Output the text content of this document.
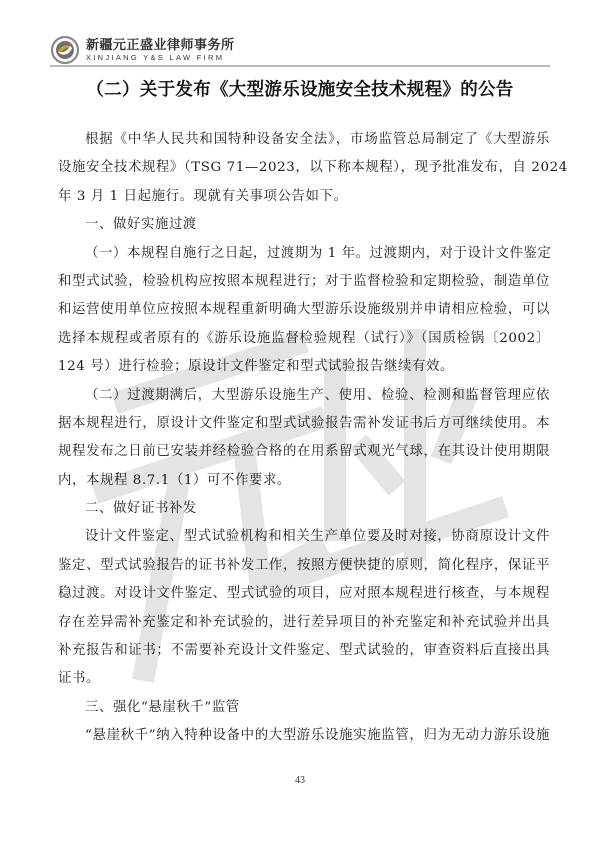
新疆元正盛业律师事务所
XINJIANG Y&S LAW FIRM
（二）关于发布《大型游乐设施安全技术规程》的公告
根据《中华人民共和国特种设备安全法》，市场监管总局制定了《大型游乐
设施安全技术规程》（TSG 71—2023，以下称本规程），现予批准发布，自 2024
年 3 月 1 日起施行。现就有关事项公告如下。
一、做好实施过渡
（一）本规程自施行之日起，过渡期为 1 年。过渡期内，对于设计文件鉴定
和型式试验，检验机构应按照本规程进行；对于监督检验和定期检验，制造单位
和运营使用单位应按照本规程重新明确大型游乐设施级别并申请相应检验，可以
选择本规程或者原有的《游乐设施监督检验规程（试行）》（国质检锅〔2002〕
124 号）进行检验；原设计文件鉴定和型式试验报告继续有效。
（二）过渡期满后，大型游乐设施生产、使用、检验、检测和监督管理应依
据本规程进行，原设计文件鉴定和型式试验报告需补发证书后方可继续使用。本
规程发布之日前已安装并经检验合格的在用系留式观光气球，在其设计使用期限
内，本规程 8.7.1（1）可不作要求。
二、做好证书补发
设计文件鉴定、型式试验机构和相关生产单位要及时对接，协商原设计文件
鉴定、型式试验报告的证书补发工作，按照方便快捷的原则，简化程序，保证平
稳过渡。对设计文件鉴定、型式试验的项目，应对照本规程进行核查，与本规程
存在差异需补充鉴定和补充试验的，进行差异项目的补充鉴定和补充试验并出具
补充报告和证书；不需要补充设计文件鉴定、型式试验的，审查资料后直接出具
证书。
三、强化“悬崖秋千”监管
“悬崖秋千”纳入特种设备中的大型游乐设施实施监管，归为无动力游乐设施
43
